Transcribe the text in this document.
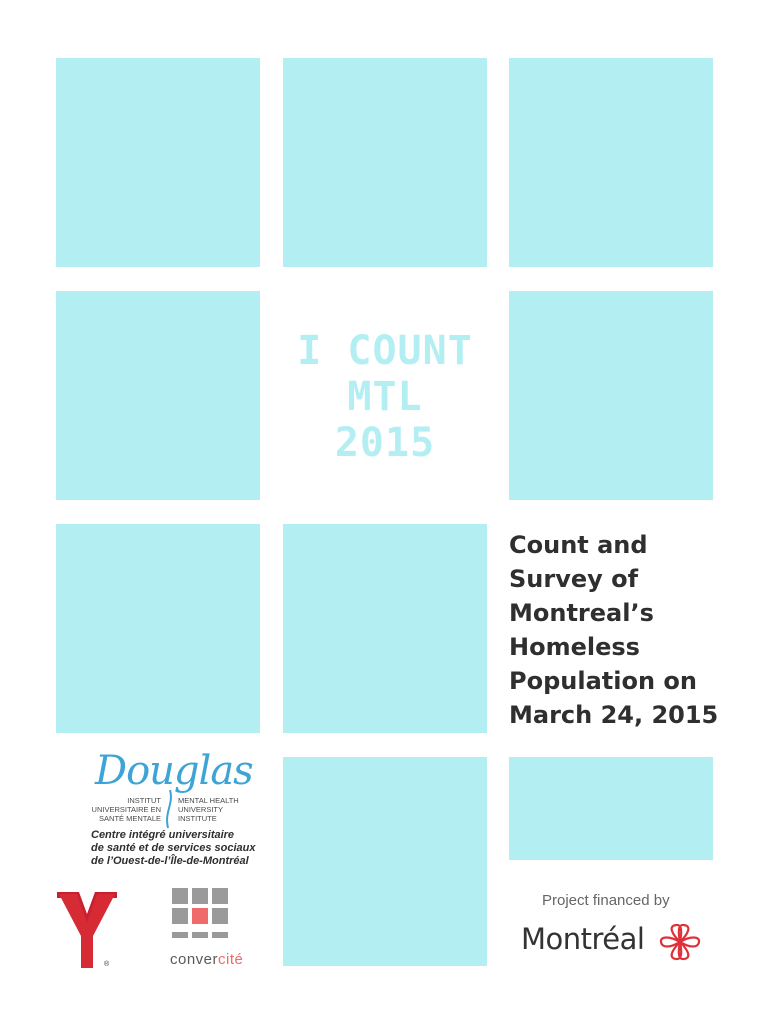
I COUNT
MTL
2015
Count and
Survey of
Montreal’s
Homeless
Population on
March 24, 2015
Douglas
INSTITUT
UNIVERSITAIRE EN
SANTÉ MENTALE
MENTAL HEALTH
UNIVERSITY
INSTITUTE
Centre intégré universitaire
de santé et de services sociaux
de l’Ouest-de-l’Île-de-Montréal
®	convercité
Project financed by
Montréal
